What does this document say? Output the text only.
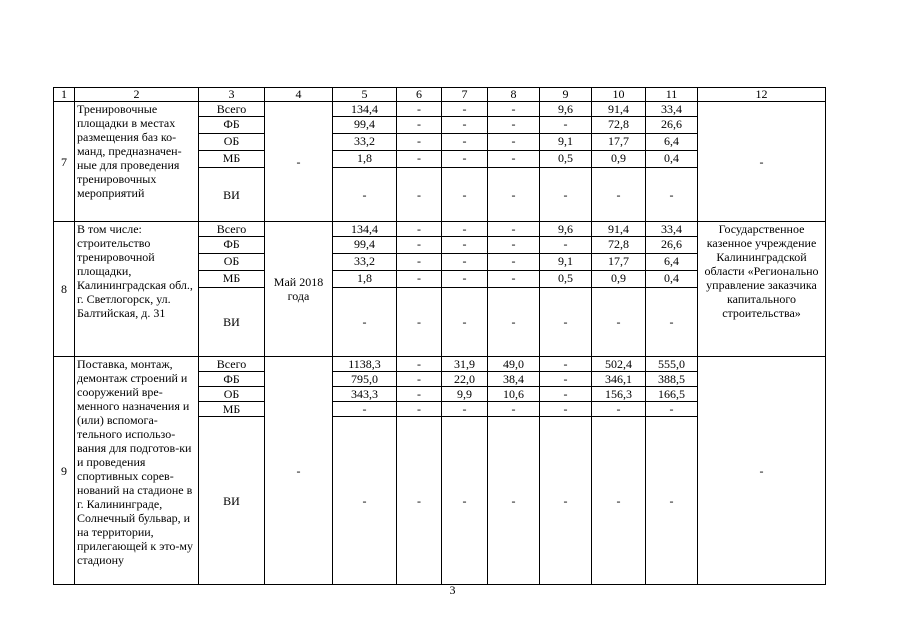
1	2	3	4	5	6	7	8	9	10	11	12
7	Тренировочные площадки в местах размещения баз ко-манд, предназначен-ные для проведения тренировочных мероприятий	Всего	-	134,4	-	-	-	9,6	91,4	33,4	-
		ФБ		99,4	-	-	-	-	72,8	26,6	
		ОБ		33,2	-	-	-	9,1	17,7	6,4	
		МБ		1,8	-	-	-	0,5	0,9	0,4	
		ВИ		-	-	-	-	-	-	-	
8	В том числе: строительство тренировочной площадки, Калининградская обл., г. Светлогорск, ул. Балтийская, д. 31	Всего	Май 2018 года	134,4	-	-	-	9,6	91,4	33,4	Государственное казенное учреждение Калининградской области «Регионально управление заказчика капитального строительства»
		ФБ		99,4	-	-	-	-	72,8	26,6	
		ОБ		33,2	-	-	-	9,1	17,7	6,4	
		МБ		1,8	-	-	-	0,5	0,9	0,4	
		ВИ		-	-	-	-	-	-	-	
9	Поставка, монтаж, демонтаж строений и сооружений вре-менного назначения и (или) вспомога-тельного использо-вания для подготов-ки и проведения спортивных сорев-нований на стадионе в г. Калининграде, Солнечный бульвар, и на территории, прилегающей к это-му стадиону	Всего	-	1138,3	-	31,9	49,0	-	502,4	555,0	-
		ФБ		795,0	-	22,0	38,4	-	346,1	388,5	
		ОБ		343,3	-	9,9	10,6	-	156,3	166,5	
		МБ		-	-	-	-	-	-	-	
		ВИ		-	-	-	-	-	-	-	
3
